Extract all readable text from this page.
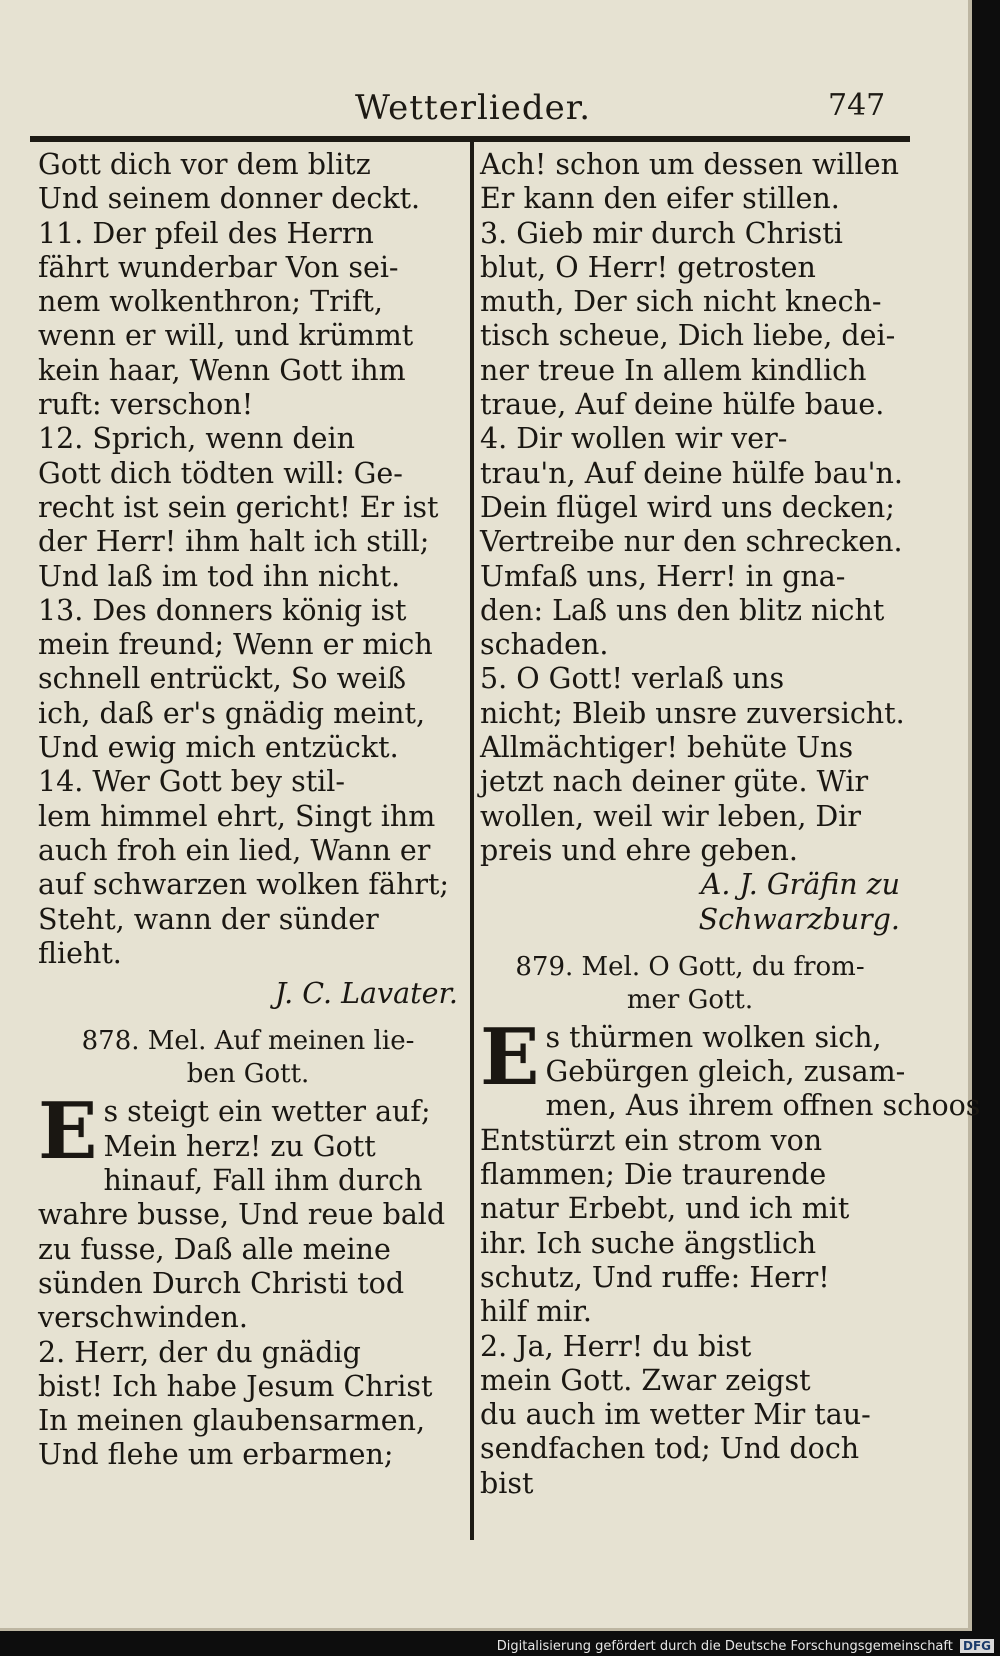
Wetterlieder.	747
Gott dich vor dem blitz
Und seinem donner deckt.
11. Der pfeil des Herrn
fährt wunderbar Von sei-
nem wolkenthron; Trift,
wenn er will, und krümmt
kein haar, Wenn Gott ihm
ruft: verschon!
12. Sprich, wenn dein
Gott dich tödten will: Ge-
recht ist sein gericht! Er ist
der Herr! ihm halt ich still;
Und laß im tod ihn nicht.
13. Des donners könig ist
mein freund; Wenn er mich
schnell entrückt, So weiß
ich, daß er's gnädig meint,
Und ewig mich entzückt.
14. Wer Gott bey stil-
lem himmel ehrt, Singt ihm
auch froh ein lied, Wann er
auf schwarzen wolken fährt;
Steht, wann der sünder
flieht.
J. C. Lavater.
878. Mel. Auf meinen lie-
ben Gott.
E s steigt ein wetter auf;
Mein herz! zu Gott
hinauf, Fall ihm durch
wahre busse, Und reue bald
zu fusse, Daß alle meine
sünden Durch Christi tod
verschwinden.
2. Herr, der du gnädig
bist! Ich habe Jesum Christ
In meinen glaubensarmen,
Und flehe um erbarmen;
Ach! schon um dessen willen
Er kann den eifer stillen.
3. Gieb mir durch Christi
blut, O Herr! getrosten
muth, Der sich nicht knech-
tisch scheue, Dich liebe, dei-
ner treue In allem kindlich
traue, Auf deine hülfe baue.
4. Dir wollen wir ver-
trau'n, Auf deine hülfe bau'n.
Dein flügel wird uns decken;
Vertreibe nur den schrecken.
Umfaß uns, Herr! in gna-
den: Laß uns den blitz nicht
schaden.
5. O Gott! verlaß uns
nicht; Bleib unsre zuversicht.
Allmächtiger! behüte Uns
jetzt nach deiner güte. Wir
wollen, weil wir leben, Dir
preis und ehre geben.
A. J. Gräfin zu
Schwarzburg.
879. Mel. O Gott, du from-
mer Gott.
E s thürmen wolken sich,
Gebürgen gleich, zusam-
men, Aus ihrem offnen schoos
Entstürzt ein strom von
flammen; Die traurende
natur Erbebt, und ich mit
ihr. Ich suche ängstlich
schutz, Und ruffe: Herr!
hilf mir.
2. Ja, Herr! du bist
mein Gott. Zwar zeigst
du auch im wetter Mir tau-
sendfachen tod; Und doch
bist
Digitalisierung gefördert durch die Deutsche Forschungsgemeinschaft DFG
